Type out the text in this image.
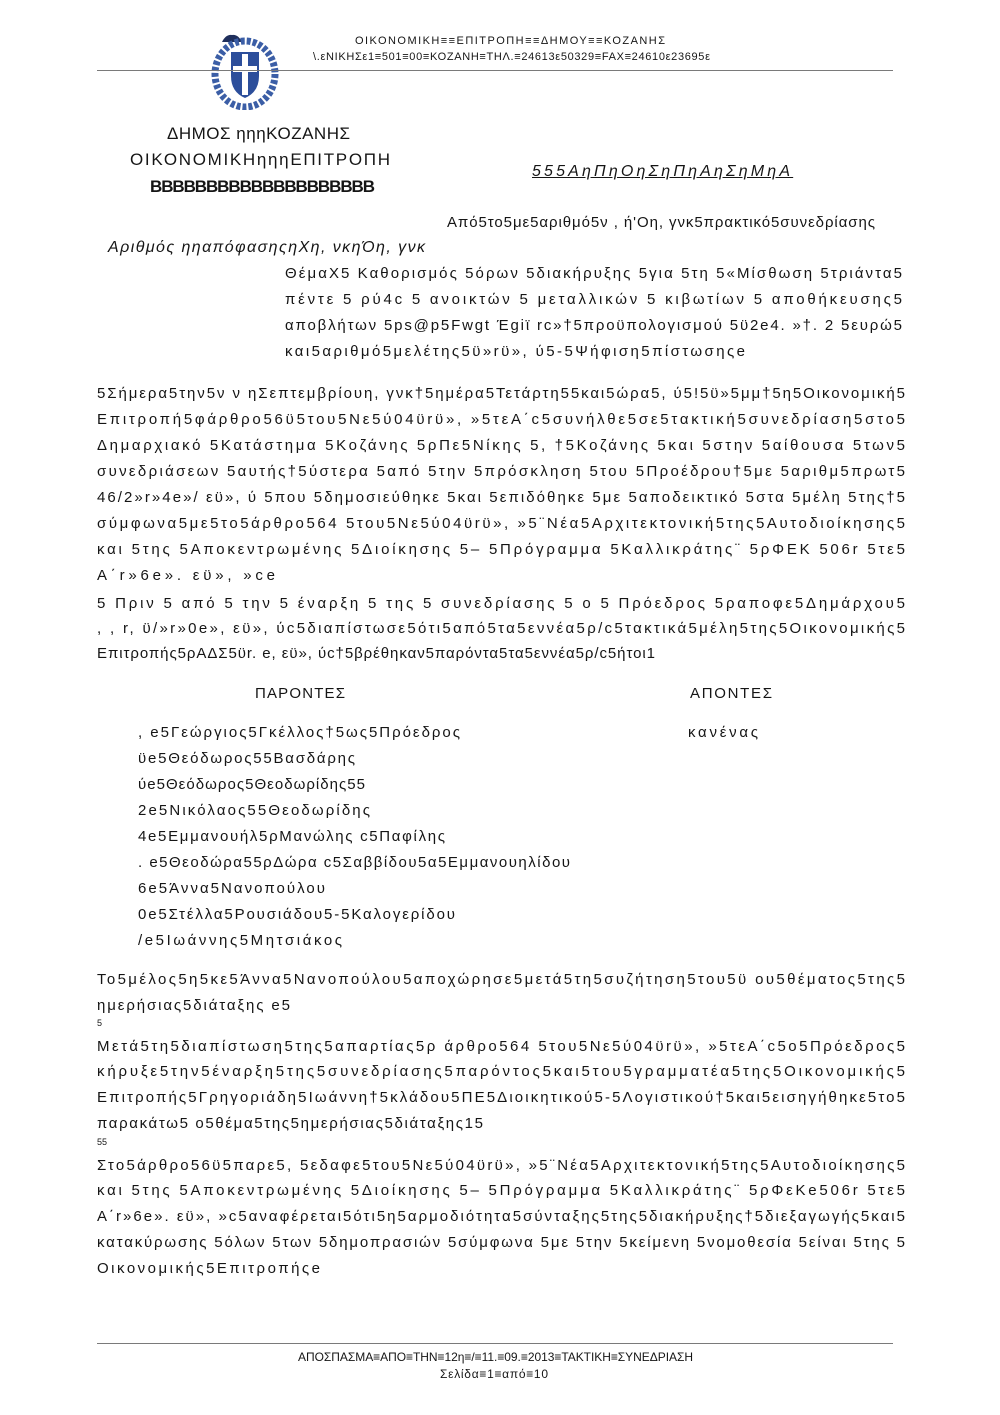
ΟΙΚΟΝΟΜΙΚΗ≡≡ΕΠΙΤΡΟΠΗ≡≡ΔΗΜΟΥ≡≡ΚΟΖΑΝΗΣ
\.εΝΙΚΗΣε1≡501≡00≡ΚΟΖΑΝΗ≡ΤΗΛ.≡24613ε50329≡FAX≡24610ε23695ε
ΔΗΜΟΣ ηηηΚΟΖΑΝΗΣ
ΟΙΚΟΝΟΜΙΚΗηηηΕΠΙΤΡΟΠΗ
BBBBBBBBBBBBBBBBBBBB
555ΑηΠηΟηΣηΠηΑηΣηΜηΑ
Από5το5με5αριθμό5ν , ή'Οη, γνκ5πρακτικό5συνεδρίασης
Αριθμός ηηαπόφασηςηΧη, νκηΌη, γνκ
ΘέμαΧ5 Καθορισμός 5όρων 5διακήρυξης 5για 5τη 5«Μίσθωση 5τριάντα5
πέντε 5 ρύ4c 5 ανοικτών 5 μεταλλικών 5 κιβωτίων 5 αποθήκευσης5
αποβλήτων 5ps@p5Fwgt Έgiϊ rc»†5προϋπολογισμού 5ϋ2e4. »†. 2 5ευρώ5
και5αριθμό5μελέτης5ϋ»rϋ», ύ5-5Ψήφιση5πίστωσηςe
5Σήμερα5την5ν ν ηΣεπτεμβρίουη, γνκ†5ημέρα5Τετάρτη55και5ώρα5, ύ5!5ϋ»5μμ†5η5Οικονομική5
Επιτροπή5φάρθρο56ϋ5του5Νε5ύ04ϋrϋ», »5τεΑ΄c5συνήλθε5σε5τακτική5συνεδρίαση5στο5
Δημαρχιακό 5Κατάστημα 5Κοζάνης 5ρΠε5Νίκης 5, †5Κοζάνης 5και 5στην 5αίθουσα 5των5
συνεδριάσεων 5αυτής†5ύστερα 5από 5την 5πρόσκληση 5του 5Προέδρου†5με 5αριθμ5πρωτ5
46/2»r»4e»/ εϋ», ύ 5που 5δημοσιεύθηκε 5και 5επιδόθηκε 5με 5αποδεικτικό 5στα 5μέλη 5της†5
σύμφωνα5με5το5άρθρο564 5του5Νε5ύ04ϋrϋ», »5¨Νέα5Αρχιτεκτονική5της5Αυτοδιοίκησης5
και 5της 5Αποκεντρωμένης 5Διοίκησης 5– 5Πρόγραμμα 5Καλλικράτης¨ 5ρΦΕΚ 506r 5τε5
Α΄r»6e». εϋ», »ce
5 Πριν 5 από 5 την 5 έναρξη 5 της 5 συνεδρίασης 5 ο 5 Πρόεδρος 5ραποφε5Δημάρχου5
, , r, ϋ/»r»0e», εϋ», ύc5διαπίστωσε5ότι5από5τα5εννέα5ρ/c5τακτικά5μέλη5της5Οικονομικής5
Επιτροπής5ρΑΔΣ5ϋr. e, εϋ», ύc†5βρέθηκαν5παρόντα5τα5εννέα5ρ/c5ήτοι1
ΠΑΡΟΝΤΕΣ	ΑΠΟΝΤΕΣ
, e5Γεώργιος5Γκέλλος†5ως5Πρόεδρος
ϋe5Θεόδωρος55Βασδάρης
ύe5Θεόδωρος5Θεοδωρίδης55
2e5Νικόλαος55Θεοδωρίδης
4e5Εμμανουήλ5ρΜανώλης c5Παφίλης
. e5Θεοδώρα55ρΔώρα c5Σαββίδου5α5Εμμανουηλίδου
6e5Άννα5Νανοπούλου
0e5Στέλλα5Ρουσιάδου5-5Καλογερίδου
/e5Ιωάννης5Μητσιάκος
κανένας
Το5μέλος5η5κε5Άννα5Νανοπούλου5αποχώρησε5μετά5τη5συζήτηση5του5ϋ ου5θέματος5της5
ημερήσιας5διάταξης e5
5
Μετά5τη5διαπίστωση5της5απαρτίας5ρ άρθρο564 5του5Νε5ύ04ϋrϋ», »5τεΑ΄c5ο5Πρόεδρος5
κήρυξε5την5έναρξη5της5συνεδρίασης5παρόντος5και5του5γραμματέα5της5Οικονομικής5
Επιτροπής5Γρηγοριάδη5Ιωάννη†5κλάδου5ΠΕ5Διοικητικού5-5Λογιστικού†5και5εισηγήθηκε5το5
παρακάτω5 ο5θέμα5της5ημερήσιας5διάταξης15
55
Στο5άρθρο56ϋ5παρε5, 5εδαφε5του5Νε5ύ04ϋrϋ», »5¨Νέα5Αρχιτεκτονική5της5Αυτοδιοίκησης5
και 5της 5Αποκεντρωμένης 5Διοίκησης 5– 5Πρόγραμμα 5Καλλικράτης¨ 5ρΦεΚe506r 5τε5
Α΄r»6e». εϋ», »c5αναφέρεται5ότι5η5αρμοδιότητα5σύνταξης5της5διακήρυξης†5διεξαγωγής5και5
κατακύρωσης 5όλων 5των 5δημοπρασιών 5σύμφωνα 5με 5την 5κείμενη 5νομοθεσία 5είναι 5της 5
Οικονομικής5Επιτροπήςe
ΑΠΟΣΠΑΣΜΑ≡ΑΠΟ≡ΤΗΝ≡12η≡/≡11.≡09.≡2013≡ΤΑΚΤΙΚΗ≡ΣΥΝΕΔΡΙΑΣΗ
Σελίδα≡1≡από≡10
